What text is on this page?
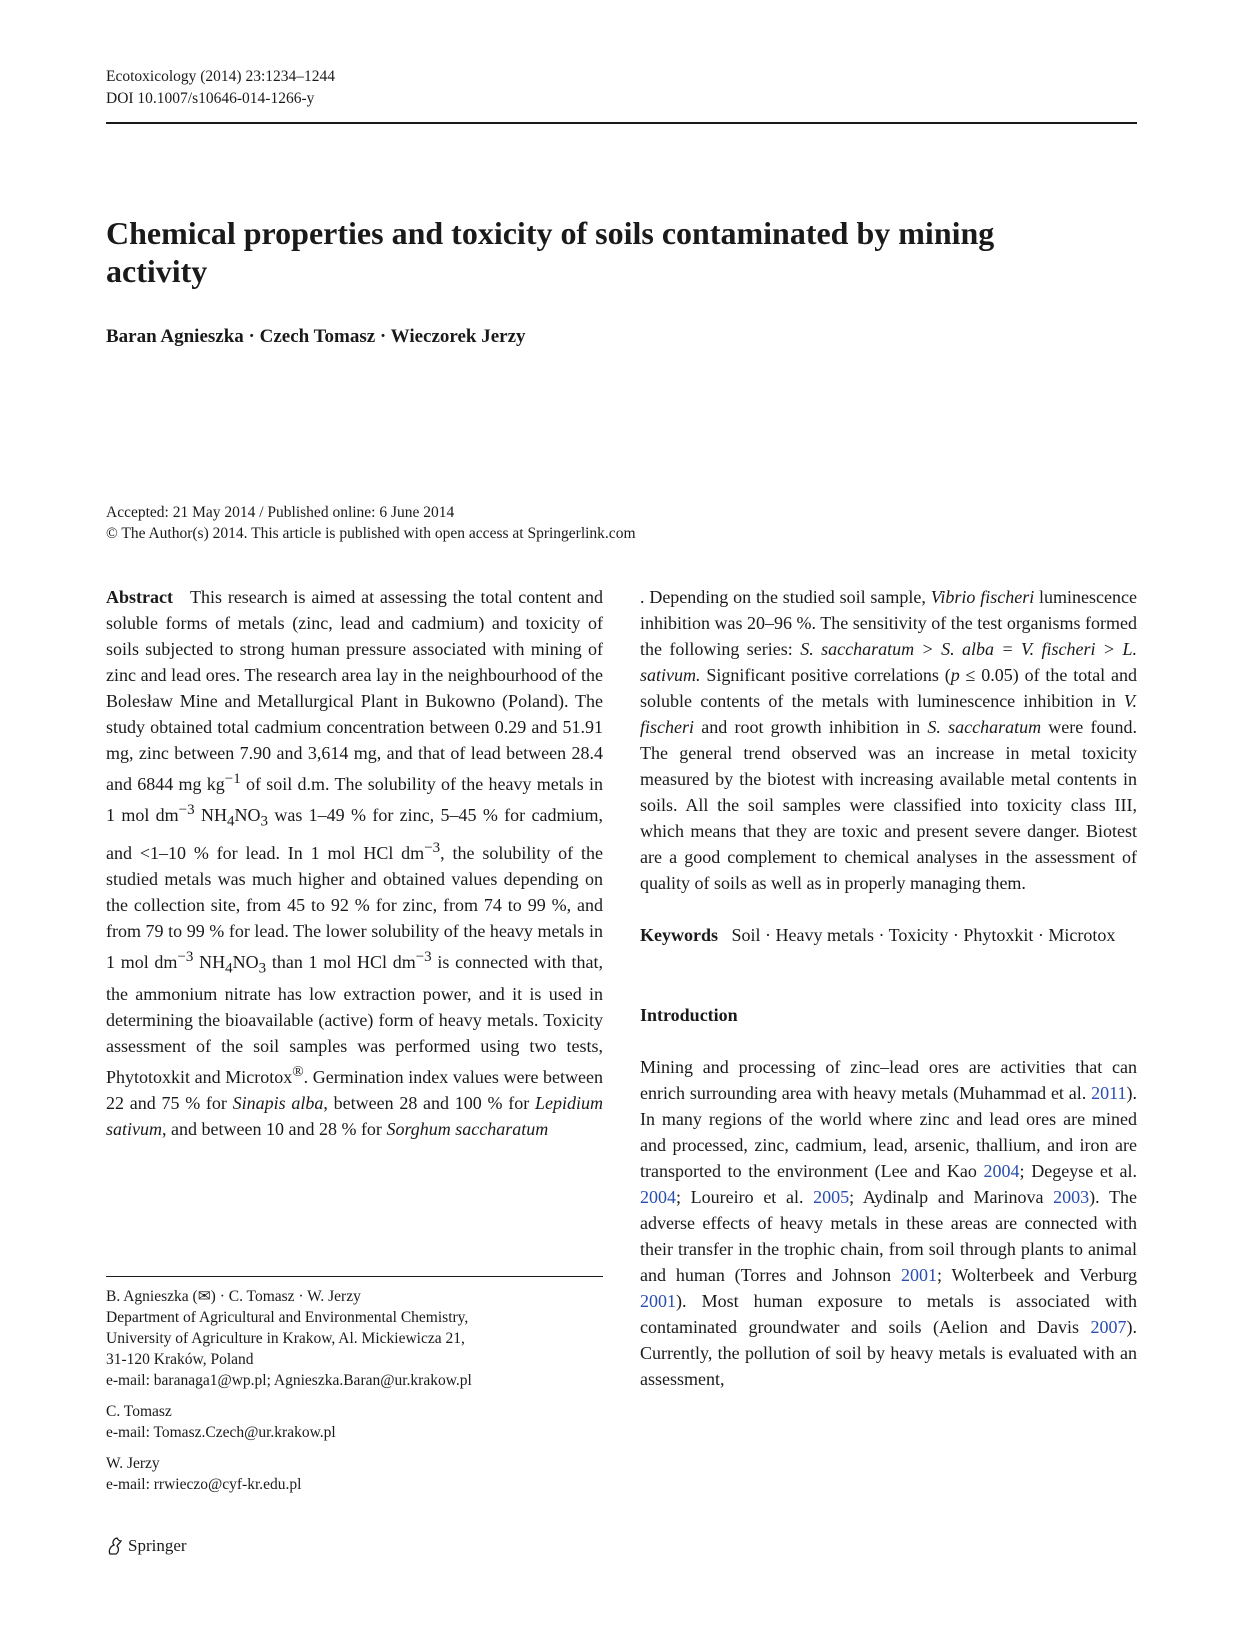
Ecotoxicology (2014) 23:1234–1244
DOI 10.1007/s10646-014-1266-y
Chemical properties and toxicity of soils contaminated by mining activity
Baran Agnieszka · Czech Tomasz · Wieczorek Jerzy
Accepted: 21 May 2014 / Published online: 6 June 2014
© The Author(s) 2014. This article is published with open access at Springerlink.com

Abstract This research is aimed at assessing the total content and soluble forms of metals (zinc, lead and cadmium) and toxicity of soils subjected to strong human pressure associated with mining of zinc and lead ores. The research area lay in the neighbourhood of the Bolesław Mine and Metallurgical Plant in Bukowno (Poland). The study obtained total cadmium concentration between 0.29 and 51.91 mg, zinc between 7.90 and 3,614 mg, and that of lead between 28.4 and 6844 mg $kg^{-1}$ of soil d.m. The solubility of the heavy metals in 1 mol $dm^{-3}$ $NH_4NO_3$ was 1–49 % for zinc, 5–45 % for cadmium, and <1–10 % for lead. In 1 mol HCl $dm^{-3}$, the solubility of the studied metals was much higher and obtained values depending on the collection site, from 45 to 92 % for zinc, from 74 to 99 %, and from 79 to 99 % for lead. The lower solubility of the heavy metals in 1 mol $dm^{-3}$ $NH_4NO_3$ than 1 mol HCl $dm^{-3}$ is connected with that, the ammonium nitrate has low extraction power, and it is used in determining the bioavailable (active) form of heavy metals. Toxicity assessment of the soil samples was performed using two tests, Phytotoxkit and Microtox®. Germination index values were between 22 and 75 % for Sinapis alba, between 28 and 100 % for Lepidium sativum, and between 10 and 28 % for Sorghum saccharatum

. Depending on the studied soil sample, Vibrio fischeri luminescence inhibition was 20–96 %. The sensitivity of the test organisms formed the following series: S. saccharatum > S. alba = V. fischeri > L. sativum. Significant positive correlations (p ≤ 0.05) of the total and soluble contents of the metals with luminescence inhibition in V. fischeri and root growth inhibition in S. saccharatum were found. The general trend observed was an increase in metal toxicity measured by the biotest with increasing available metal contents in soils. All the soil samples were classified into toxicity class III, which means that they are toxic and present severe danger. Biotest are a good complement to chemical analyses in the assessment of quality of soils as well as in properly managing them.

Keywords Soil · Heavy metals · Toxicity · Phytoxkit · Microtox

Introduction

Mining and processing of zinc–lead ores are activities that can enrich surrounding area with heavy metals (Muhammad et al. 2011). In many regions of the world where zinc and lead ores are mined and processed, zinc, cadmium, lead, arsenic, thallium, and iron are transported to the environment (Lee and Kao 2004; Degeyse et al. 2004; Loureiro et al. 2005; Aydinalp and Marinova 2003). The adverse effects of heavy metals in these areas are connected with their transfer in the trophic chain, from soil through plants to animal and human (Torres and Johnson 2001; Wolterbeek and Verburg 2001). Most human exposure to metals is associated with contaminated groundwater and soils (Aelion and Davis 2007). Currently, the pollution of soil by heavy metals is evaluated with an assessment,

B. Agnieszka (✉) · C. Tomasz · W. Jerzy
Department of Agricultural and Environmental Chemistry,
University of Agriculture in Krakow, Al. Mickiewicza 21,
31-120 Kraków, Poland
e-mail: baranaga1@wp.pl; Agnieszka.Baran@ur.krakow.pl

C. Tomasz
e-mail: Tomasz.Czech@ur.krakow.pl

W. Jerzy
e-mail: rrwieczo@cyf-kr.edu.pl

Springer
